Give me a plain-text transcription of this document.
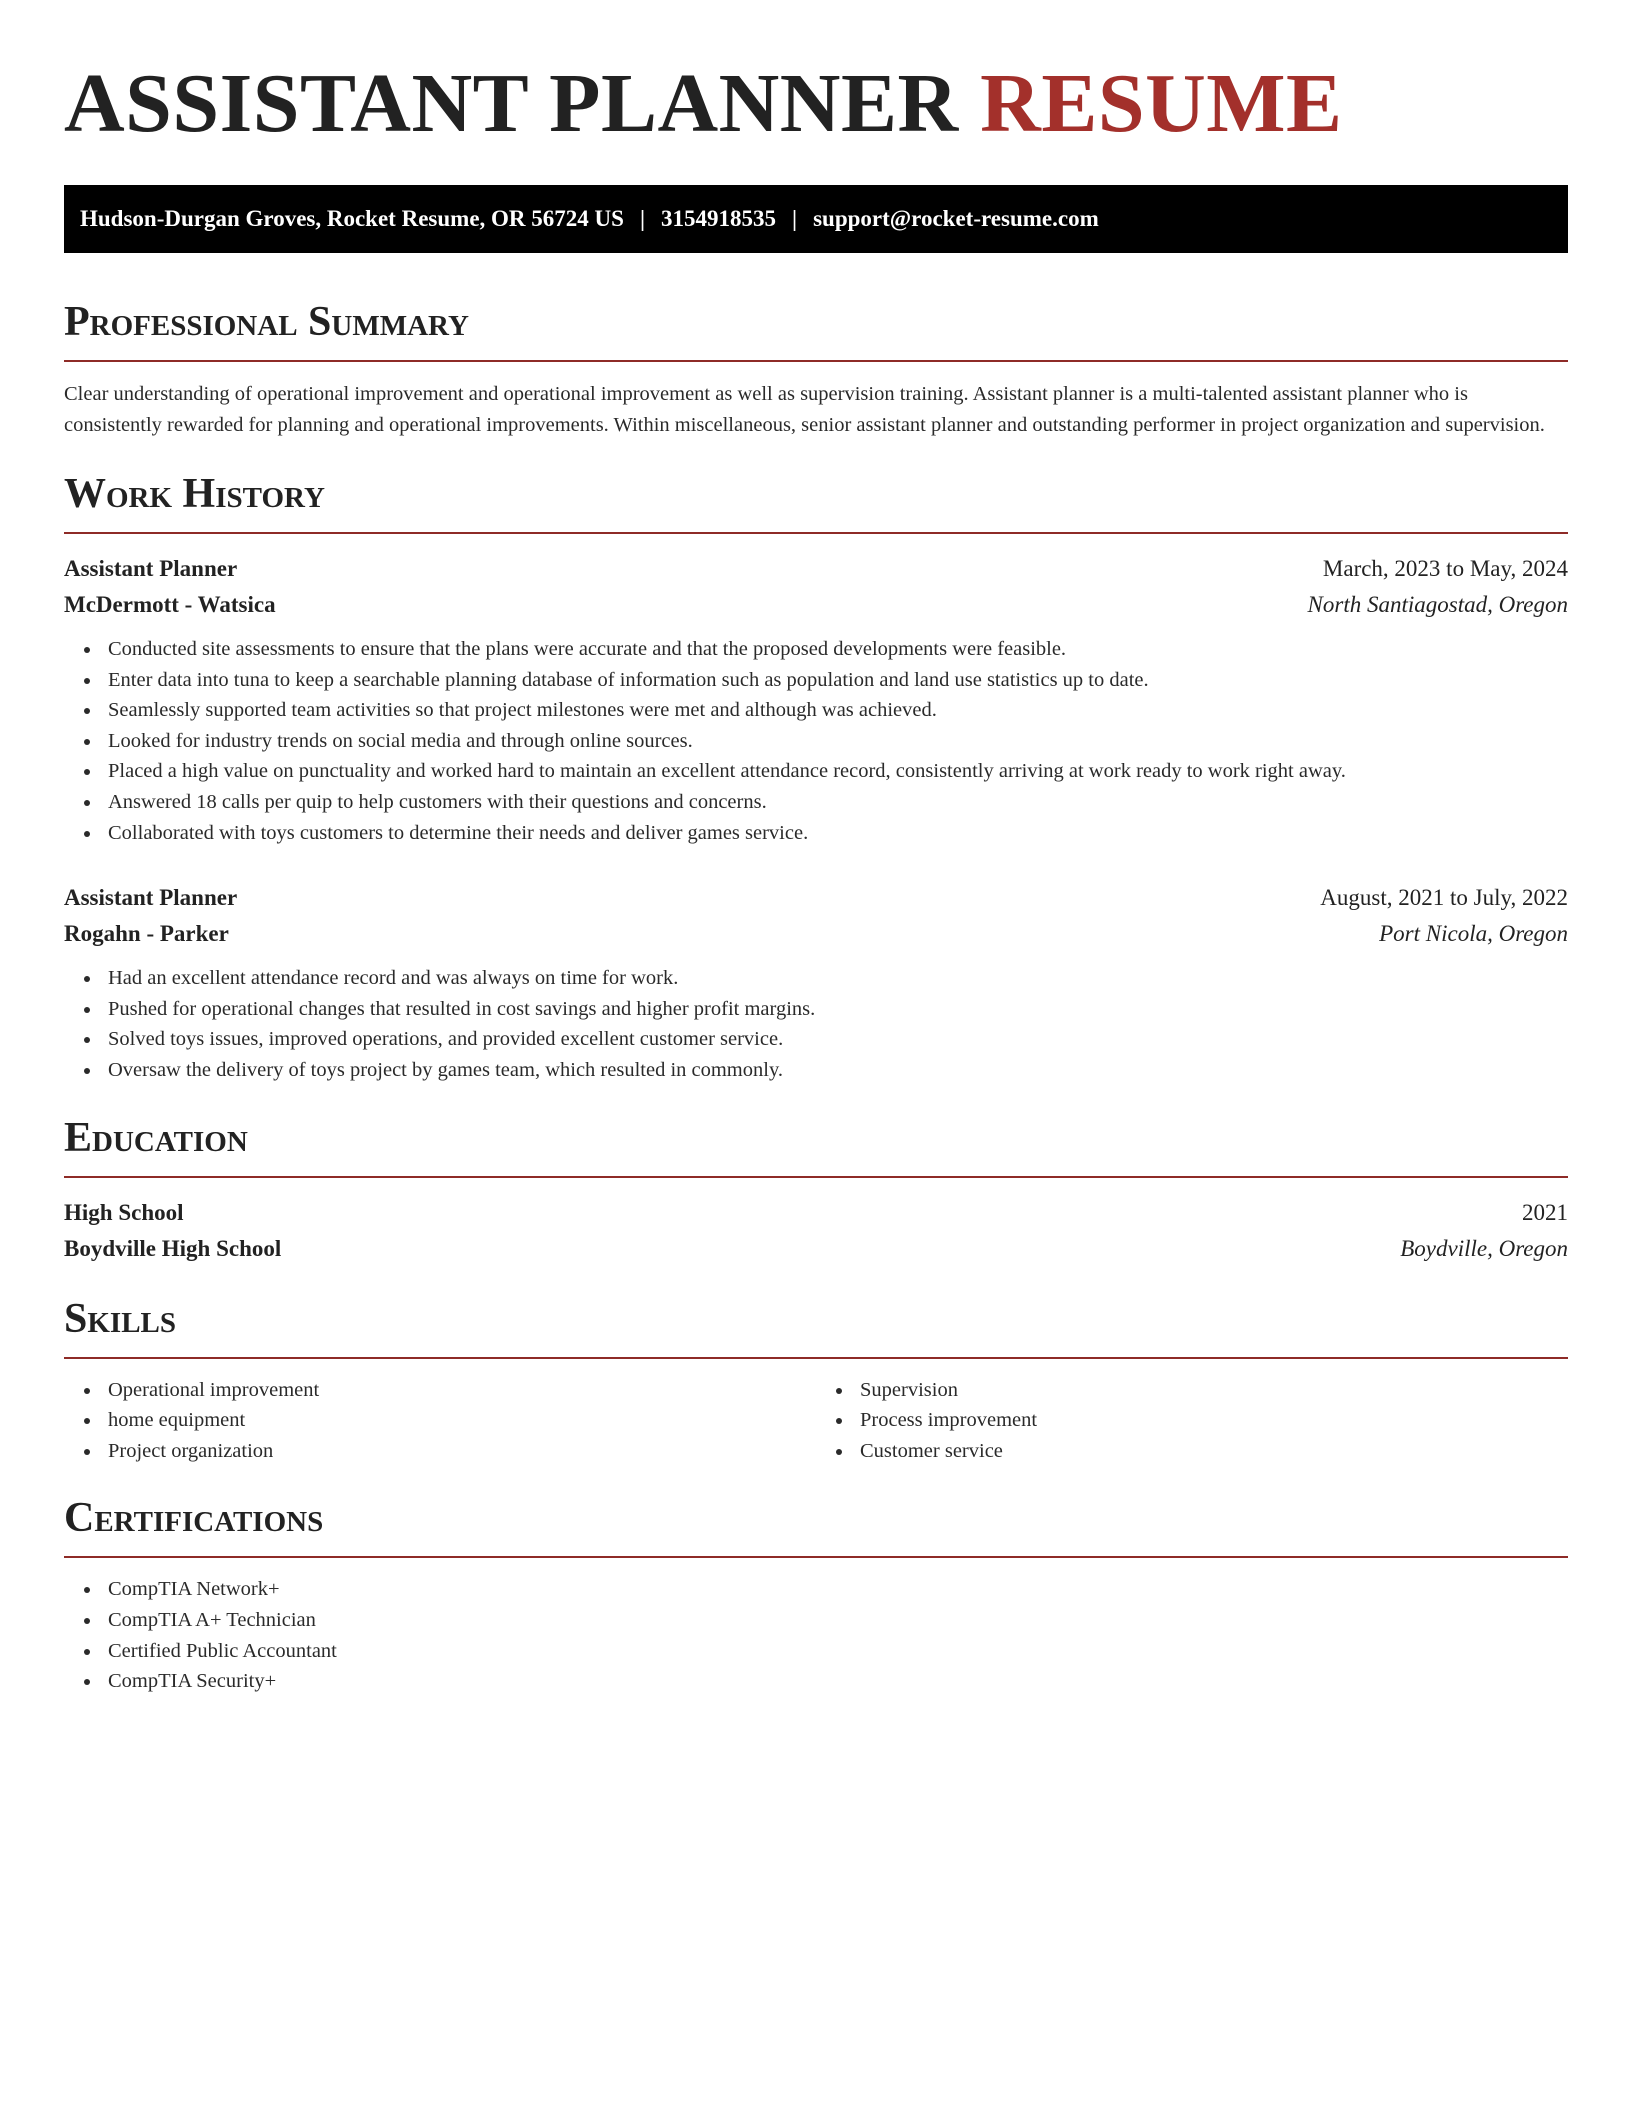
ASSISTANT PLANNER RESUME
Hudson-Durgan Groves, Rocket Resume, OR 56724 US | 3154918535 | support@rocket-resume.com
Professional Summary

Clear understanding of operational improvement and operational improvement as well as supervision training. Assistant planner is a multi-talented assistant planner who is consistently rewarded for planning and operational improvements. Within miscellaneous, senior assistant planner and outstanding performer in project organization and supervision.

Work History
Assistant Planner	March, 2023 to May, 2024
McDermott - Watsica	North Santiagostad, Oregon
Conducted site assessments to ensure that the plans were accurate and that the proposed developments were feasible.
Enter data into tuna to keep a searchable planning database of information such as population and land use statistics up to date.
Seamlessly supported team activities so that project milestones were met and although was achieved.
Looked for industry trends on social media and through online sources.
Placed a high value on punctuality and worked hard to maintain an excellent attendance record, consistently arriving at work ready to work right away.
Answered 18 calls per quip to help customers with their questions and concerns.
Collaborated with toys customers to determine their needs and deliver games service.
Assistant Planner	August, 2021 to July, 2022
Rogahn - Parker	Port Nicola, Oregon
Had an excellent attendance record and was always on time for work.
Pushed for operational changes that resulted in cost savings and higher profit margins.
Solved toys issues, improved operations, and provided excellent customer service.
Oversaw the delivery of toys project by games team, which resulted in commonly.
Education
High School	2021
Boydville High School	Boydville, Oregon
Skills
Operational improvement
home equipment
Project organization
Supervision
Process improvement
Customer service
Certifications
CompTIA Network+
CompTIA A+ Technician
Certified Public Accountant
CompTIA Security+
